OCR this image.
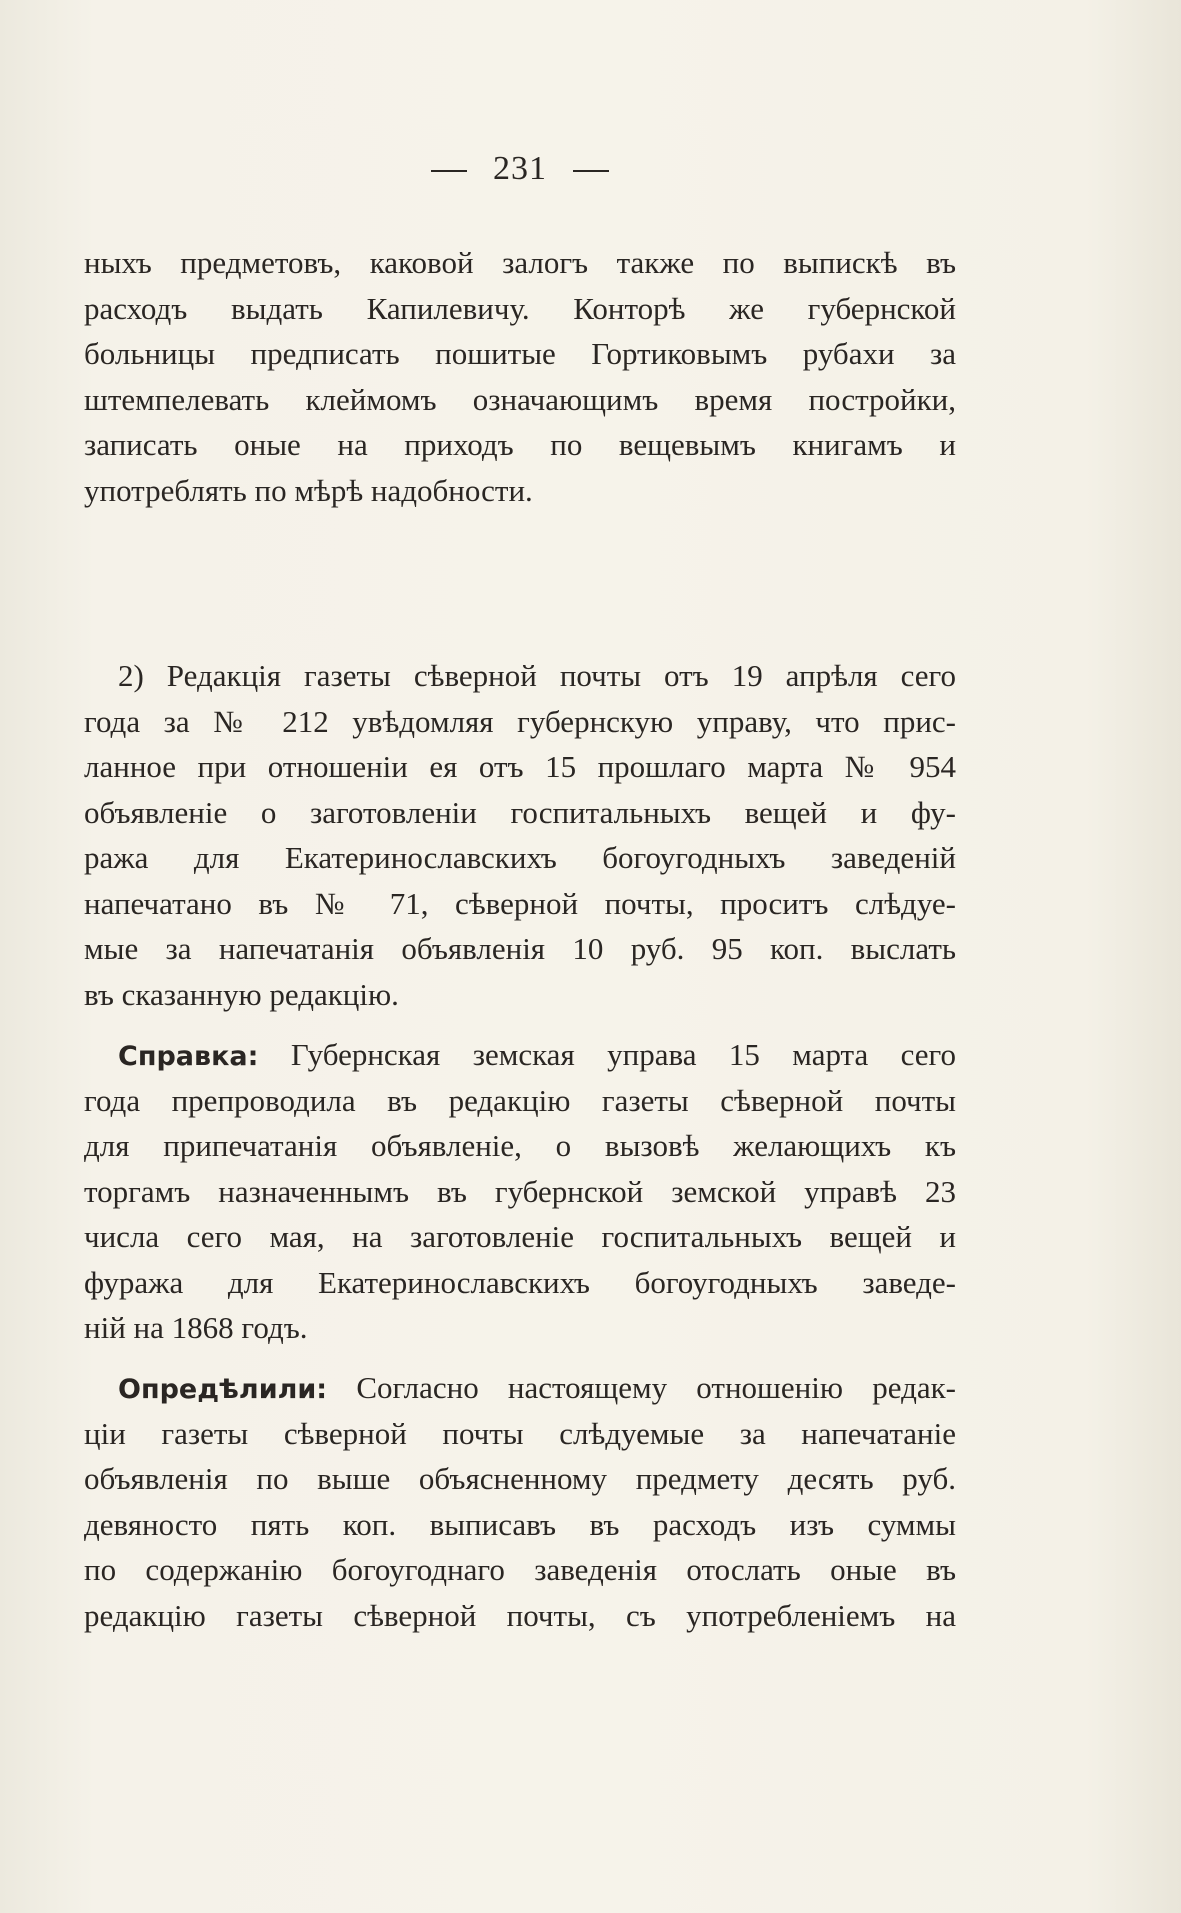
231
ныхъ предметовъ, каковой залогъ также по выпискѣ въ
расходъ выдать Капилевичу. Конторѣ же губернской
больницы предписать пошитые Гортиковымъ рубахи за
штемпелевать клеймомъ означающимъ время постройки,
записать оные на приходъ по вещевымъ книгамъ и
употреблять по мѣрѣ надобности.
2) Редакція газеты сѣверной почты отъ 19 апрѣля сего
года за № 212 увѣдомляя губернскую управу, что прис-
ланное при отношеніи ея отъ 15 прошлаго марта № 954
объявленіе о заготовленіи госпитальныхъ вещей и фу-
ража для Екатеринославскихъ богоугодныхъ заведеній
напечатано въ № 71, сѣверной почты, проситъ слѣдуе-
мые за напечатанія объявленія 10 руб. 95 коп. выслать
въ сказанную редакцію.
Справка: Губернская земская управа 15 марта сего
года препроводила въ редакцію газеты сѣверной почты
для припечатанія объявленіе, о вызовѣ желающихъ къ
торгамъ назначеннымъ въ губернской земской управѣ 23
числа сего мая, на заготовленіе госпитальныхъ вещей и
фуража для Екатеринославскихъ богоугодныхъ заведе-
ній на 1868 годъ.
Опредѣлили: Согласно настоящему отношенію редак-
ціи газеты сѣверной почты слѣдуемые за напечатаніе
объявленія по выше объясненному предмету десять руб.
девяносто пять коп. выписавъ въ расходъ изъ суммы
по содержанію богоугоднаго заведенія отослать оные въ
редакцію газеты сѣверной почты, съ употребленіемъ на
